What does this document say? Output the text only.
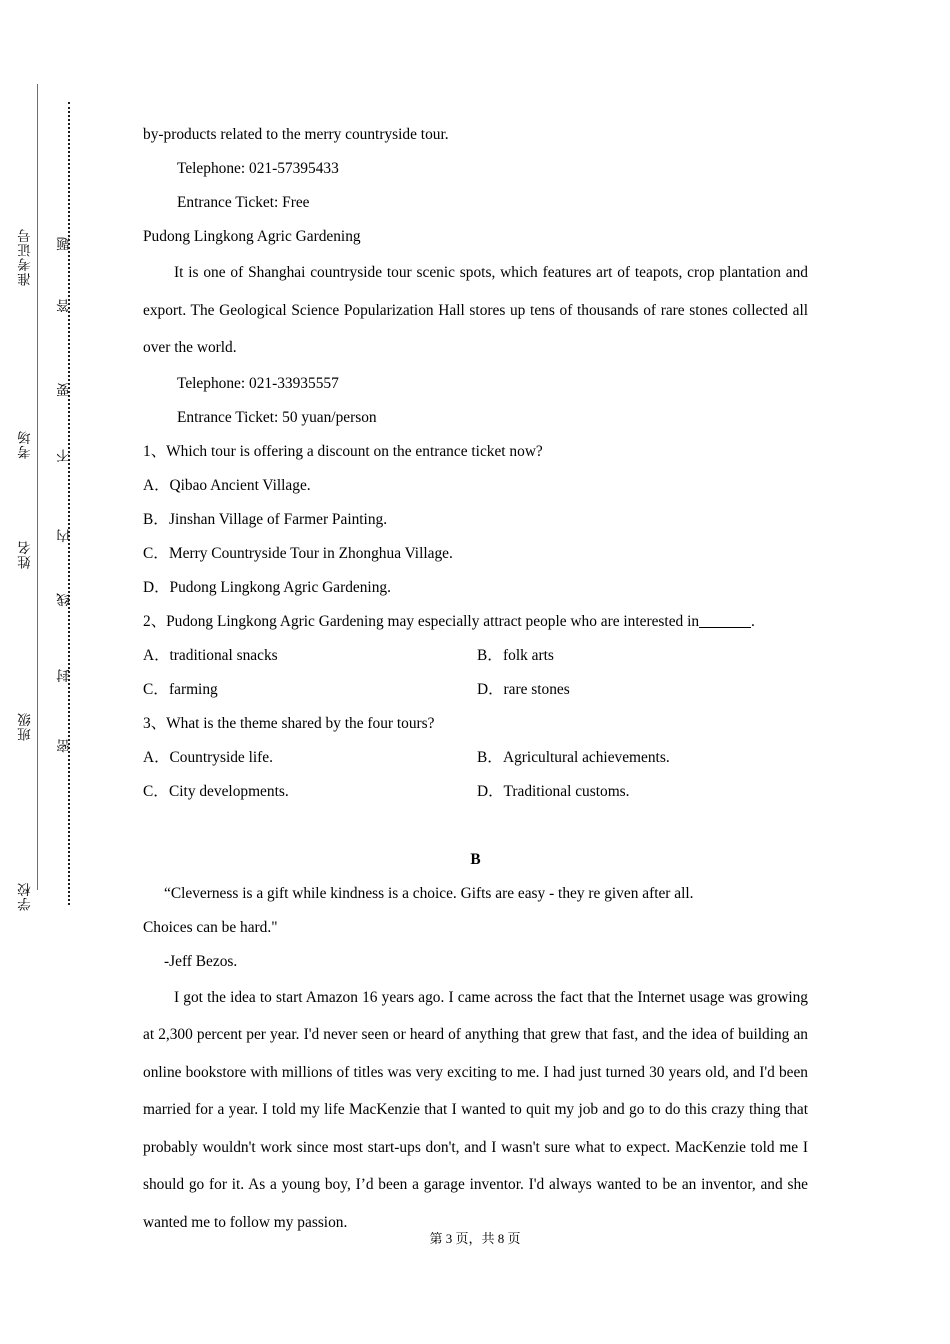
准考证号
考场
姓名
班级
学校
题
答
要
不
内
线
封
密
by-products related to the merry countryside tour.
Telephone: 021-57395433
Entrance Ticket: Free
Pudong Lingkong Agric Gardening
It is one of Shanghai countryside tour scenic spots, which features art of teapots, crop plantation and export. The Geological Science Popularization Hall stores up tens of thousands of rare stones collected all over the world.
Telephone: 021-33935557
Entrance Ticket: 50 yuan/person
1、Which tour is offering a discount on the entrance ticket now?
A．Qibao Ancient Village.
B．Jinshan Village of Farmer Painting.
C．Merry Countryside Tour in Zhonghua Village.
D．Pudong Lingkong Agric Gardening.
2、Pudong Lingkong Agric Gardening may especially attract people who are interested in	.
A．traditional snacks	B．folk arts
C．farming	D．rare stones
3、What is the theme shared by the four tours?
A．Countryside life.	B．Agricultural achievements.
C．City developments.	D．Traditional customs.
B
“Cleverness is a gift while kindness is a choice. Gifts are easy - they re given after all.
Choices can be hard."
-Jeff Bezos.
I got the idea to start Amazon 16 years ago. I came across the fact that the Internet usage was growing at 2,300 percent per year. I'd never seen or heard of anything that grew that fast, and the idea of building an online bookstore with millions of titles was very exciting to me. I had just turned 30 years old, and I'd been married for a year. I told my life MacKenzie that I wanted to quit my job and go to do this crazy thing that probably wouldn't work since most start-ups don't, and I wasn't sure what to expect. MacKenzie told me I should go for it. As a young boy, I’d been a garage inventor. I'd always wanted to be an inventor, and she wanted me to follow my passion.
第 3 页，共 8 页
